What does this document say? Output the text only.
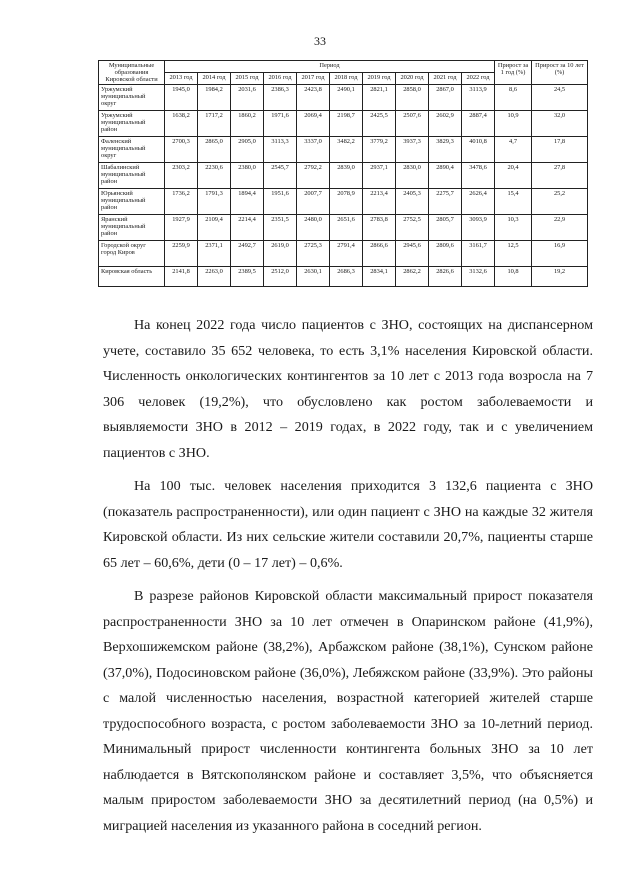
33
Муниципальные образования Кировской области	Период										Прирост за 1 год (%)	Прирост за 10 лет (%)
	2013 год	2014 год	2015 год	2016 год	2017 год	2018 год	2019 год	2020 год	2021 год	2022 год		
Уржумский муниципальный округ	1945,0	1984,2	2031,6	2386,3	2423,8	2490,1	2821,1	2858,0	2867,0	3113,9	8,6	24,5
Уржумский муниципальный район	1638,2	1717,2	1860,2	1971,6	2069,4	2198,7	2425,5	2507,6	2602,9	2887,4	10,9	32,0
Фаленский муниципальный округ	2700,3	2865,0	2905,0	3113,3	3337,0	3482,2	3779,2	3937,3	3829,3	4010,8	4,7	17,8
Шабалинский муниципальный район	2303,2	2230,6	2380,0	2545,7	2792,2	2839,0	2937,1	2830,0	2890,4	3478,6	20,4	27,8
Юрьянский муниципальный район	1736,2	1791,3	1894,4	1951,6	2007,7	2078,9	2213,4	2405,3	2275,7	2626,4	15,4	25,2
Яранский муниципальный район	1927,9	2109,4	2214,4	2351,5	2480,0	2651,6	2783,8	2752,5	2805,7	3093,9	10,3	22,9
Городской округ город Киров	2259,9	2371,1	2492,7	2619,0	2725,3	2791,4	2866,6	2945,6	2809,6	3161,7	12,5	16,9
Кировская область	2141,8	2263,0	2389,5	2512,0	2630,1	2686,3	2834,1	2862,2	2826,6	3132,6	10,8	19,2

На конец 2022 года число пациентов с ЗНО, состоящих на диспансерном учете, составило 35 652 человека, то есть 3,1% населения Кировской области. Численность онкологических контингентов за 10 лет с 2013 года возросла на 7 306 человек (19,2%), что обусловлено как ростом заболеваемости и выявляемости ЗНО в 2012 – 2019 годах, в 2022 году, так и с увеличением пациентов с ЗНО.

На 100 тыс. человек населения приходится 3 132,6 пациента с ЗНО (показатель распространенности), или один пациент с ЗНО на каждые 32 жителя Кировской области. Из них сельские жители составили 20,7%, пациенты старше 65 лет – 60,6%, дети (0 – 17 лет) – 0,6%.

В разрезе районов Кировской области максимальный прирост показателя распространенности ЗНО за 10 лет отмечен в Опаринском районе (41,9%), Верхошижемском районе (38,2%), Арбажском районе (38,1%), Сунском районе (37,0%), Подосиновском районе (36,0%), Лебяжском районе (33,9%). Это районы с малой численностью населения, возрастной категорией жителей старше трудоспособного возраста, с ростом заболеваемости ЗНО за 10-летний период. Минимальный прирост численности контингента больных ЗНО за 10 лет наблюдается в Вятскополянском районе и составляет 3,5%, что объясняется малым приростом заболеваемости ЗНО за десятилетний период (на 0,5%) и миграцией населения из указанного района в соседний регион.
